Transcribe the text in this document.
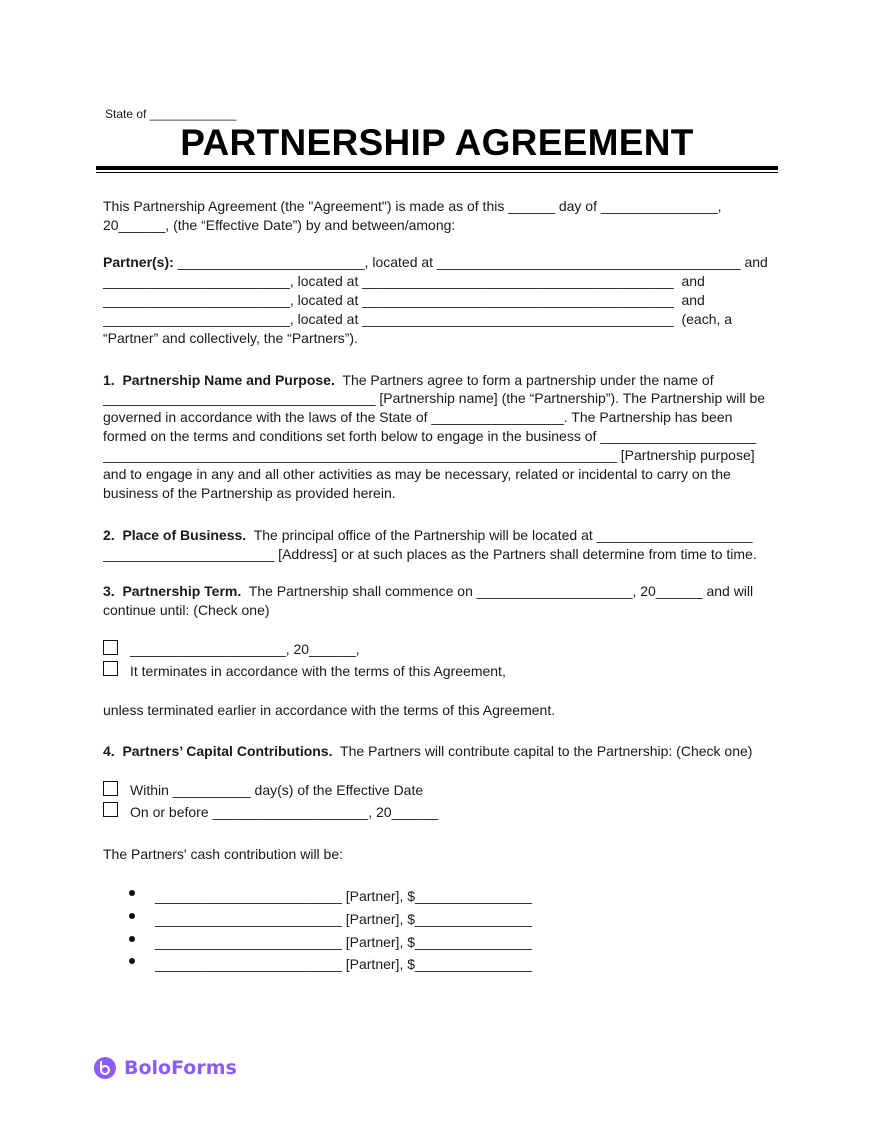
State of _____________
PARTNERSHIP AGREEMENT
This Partnership Agreement (the "Agreement") is made as of this ______ day of _______________,
20______, (the “Effective Date”) by and between/among:
Partner(s): ________________________, located at _______________________________________ and
________________________, located at ________________________________________  and
________________________, located at ________________________________________  and
________________________, located at ________________________________________  (each, a
“Partner” and collectively, the “Partners”).
1.  Partnership Name and Purpose.  The Partners agree to form a partnership under the name of
___________________________________ [Partnership name] (the “Partnership”). The Partnership will be
governed in accordance with the laws of the State of _________________. The Partnership has been
formed on the terms and conditions set forth below to engage in the business of ____________________
__________________________________________________________________ [Partnership purpose]
and to engage in any and all other activities as may be necessary, related or incidental to carry on the
business of the Partnership as provided herein.
2.  Place of Business.  The principal office of the Partnership will be located at ____________________
______________________ [Address] or at such places as the Partners shall determine from time to time.
3.  Partnership Term.  The Partnership shall commence on ____________________, 20______ and will
continue until: (Check one)
____________________, 20______,
It terminates in accordance with the terms of this Agreement,
unless terminated earlier in accordance with the terms of this Agreement.
4.  Partners’ Capital Contributions.  The Partners will contribute capital to the Partnership: (Check one)
Within __________ day(s) of the Effective Date
On or before ____________________, 20______
The Partners' cash contribution will be:
________________________ [Partner], $_______________
________________________ [Partner], $_______________
________________________ [Partner], $_______________
________________________ [Partner], $_______________
BoloForms
